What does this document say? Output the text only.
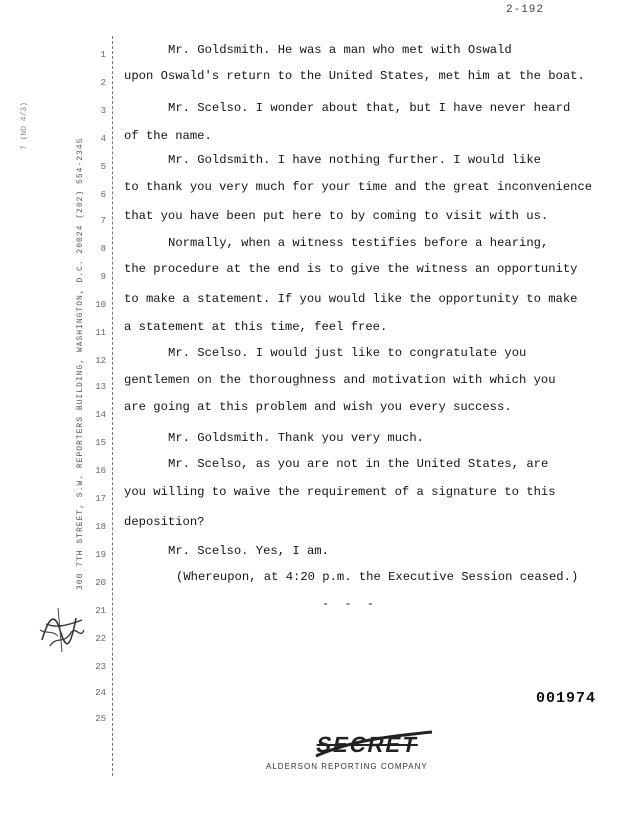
2-192
7 (NO 4/3)
300 7TH STREET, S.W. REPORTERS BUILDING, WASHINGTON, D.C. 20024 (202) 554-2345
1
2
3
4
5
6
7
8
9
10
11
12
13
14
15
16
17
18
19
20
21
22
23
24
25
Mr. Goldsmith. He was a man who met with Oswald
upon Oswald's return to the United States, met him at the boat.
Mr. Scelso. I wonder about that, but I have never heard
of the name.
Mr. Goldsmith. I have nothing further. I would like
to thank you very much for your time and the great inconvenience
that you have been put here to by coming to visit with us.
Normally, when a witness testifies before a hearing,
the procedure at the end is to give the witness an opportunity
to make a statement. If you would like the opportunity to make
a statement at this time, feel free.
Mr. Scelso. I would just like to congratulate you
gentlemen on the thoroughness and motivation with which you
are going at this problem and wish you every success.
Mr. Goldsmith. Thank you very much.
Mr. Scelso, as you are not in the United States, are
you willing to waive the requirement of a signature to this
deposition?
Mr. Scelso. Yes, I am.
(Whereupon, at 4:20 p.m. the Executive Session ceased.)
- - -
001974
SECRET
ALDERSON REPORTING COMPANY
